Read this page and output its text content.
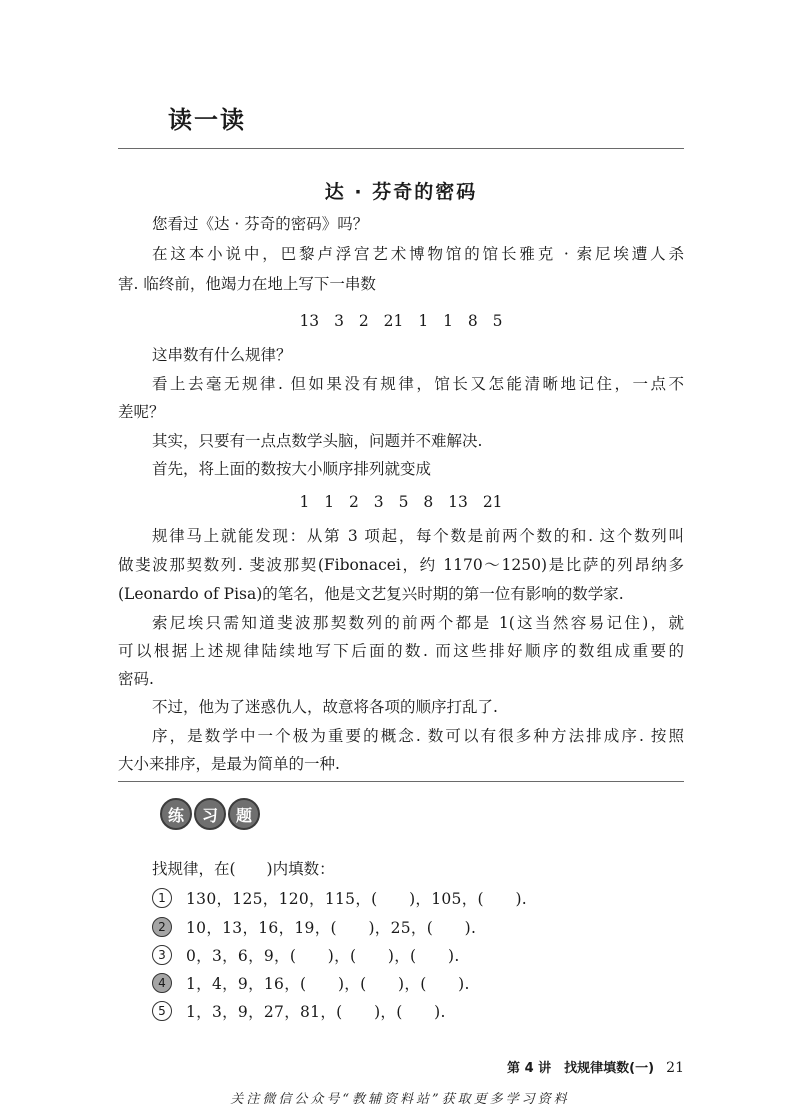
读一读
达 · 芬奇的密码
您看过《达 · 芬奇的密码》吗？
在这本小说中，巴黎卢浮宫艺术博物馆的馆长雅克 · 索尼埃遭人杀
害. 临终前，他竭力在地上写下一串数
13 3 2 21 1 1 8 5
这串数有什么规律？
看上去毫无规律. 但如果没有规律，馆长又怎能清晰地记住，一点不
差呢？
其实，只要有一点点数学头脑，问题并不难解决.
首先，将上面的数按大小顺序排列就变成
1 1 2 3 5 8 13 21
规律马上就能发现：从第 3 项起，每个数是前两个数的和. 这个数列叫
做斐波那契数列. 斐波那契(Fibonacei，约 1170～1250)是比萨的列昂纳多
(Leonardo of Pisa)的笔名，他是文艺复兴时期的第一位有影响的数学家.
索尼埃只需知道斐波那契数列的前两个都是 1(这当然容易记住)，就
可以根据上述规律陆续地写下后面的数. 而这些排好顺序的数组成重要的
密码.
不过，他为了迷惑仇人，故意将各项的顺序打乱了.
序，是数学中一个极为重要的概念. 数可以有很多种方法排成序. 按照
大小来排序，是最为简单的一种.
练	习	题
找规律，在(　　)内填数：
1	130，125，120，115，(　　)，105，(　　).
2	10，13，16，19，(　　)，25，(　　).
3	0，3，6，9，(　　)，(　　)，(　　).
4	1，4，9，16，(　　)，(　　)，(　　).
5	1，3，9，27，81，(　　)，(　　).
第 4 讲　找规律填数(一) 21
关注微信公众号“教辅资料站”获取更多学习资料
